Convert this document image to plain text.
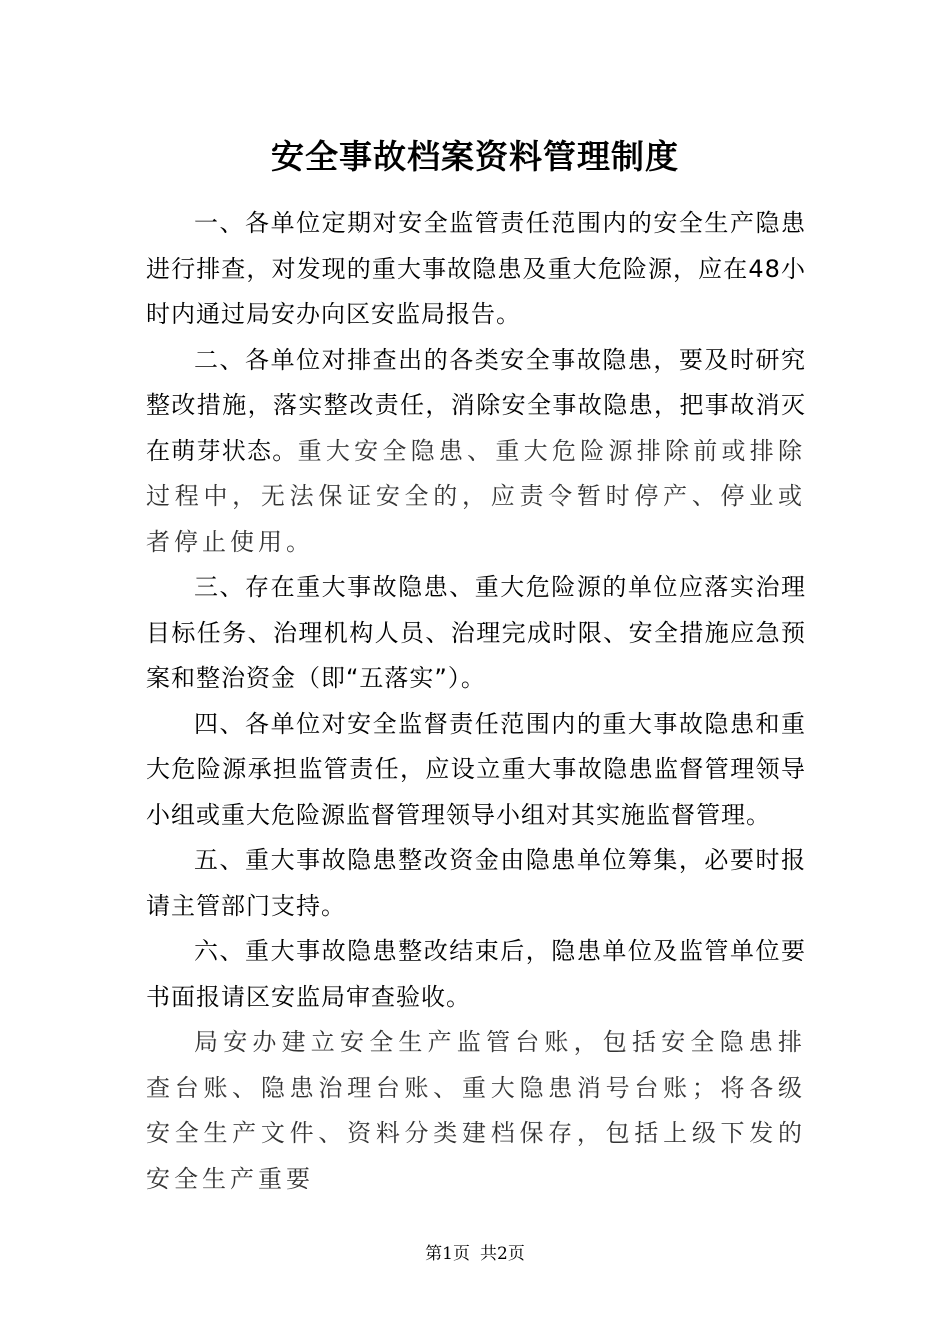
安全事故档案资料管理制度

一、各单位定期对安全监管责任范围内的安全生产隐患进行排查，对发现的重大事故隐患及重大危险源，应在48小时内通过局安办向区安监局报告。

二、各单位对排查出的各类安全事故隐患，要及时研究整改措施，落实整改责任，消除安全事故隐患，把事故消灭在萌芽状态。重大安全隐患、重大危险源排除前或排除过程中，无法保证安全的，应责令暂时停产、停业或者停止使用。

三、存在重大事故隐患、重大危险源的单位应落实治理目标任务、治理机构人员、治理完成时限、安全措施应急预案和整治资金（即“五落实”）。

四、各单位对安全监督责任范围内的重大事故隐患和重大危险源承担监管责任，应设立重大事故隐患监督管理领导小组或重大危险源监督管理领导小组对其实施监督管理。

五、重大事故隐患整改资金由隐患单位筹集，必要时报请主管部门支持。

六、重大事故隐患整改结束后，隐患单位及监管单位要书面报请区安监局审查验收。

局安办建立安全生产监管台账，包括安全隐患排查台账、隐患治理台账、重大隐患消号台账；将各级安全生产文件、资料分类建档保存，包括上级下发的安全生产重要

第1页 共2页
